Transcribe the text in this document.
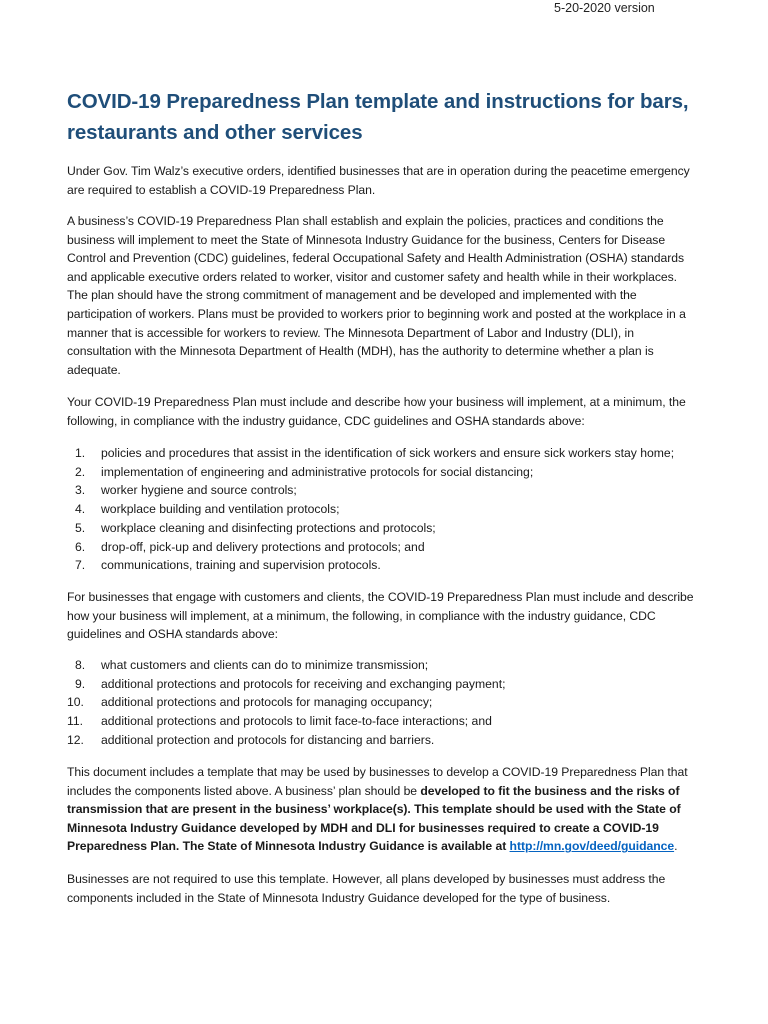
5-20-2020 version
COVID-19 Preparedness Plan template and instructions for bars, restaurants and other services

Under Gov. Tim Walz’s executive orders, identified businesses that are in operation during the peacetime emergency are required to establish a COVID-19 Preparedness Plan.

A business’s COVID-19 Preparedness Plan shall establish and explain the policies, practices and conditions the business will implement to meet the State of Minnesota Industry Guidance for the business, Centers for Disease Control and Prevention (CDC) guidelines, federal Occupational Safety and Health Administration (OSHA) standards and applicable executive orders related to worker, visitor and customer safety and health while in their workplaces. The plan should have the strong commitment of management and be developed and implemented with the participation of workers. Plans must be provided to workers prior to beginning work and posted at the workplace in a manner that is accessible for workers to review. The Minnesota Department of Labor and Industry (DLI), in consultation with the Minnesota Department of Health (MDH), has the authority to determine whether a plan is adequate.

Your COVID-19 Preparedness Plan must include and describe how your business will implement, at a minimum, the following, in compliance with the industry guidance, CDC guidelines and OSHA standards above:

1. policies and procedures that assist in the identification of sick workers and ensure sick workers stay home;
2. implementation of engineering and administrative protocols for social distancing;
3. worker hygiene and source controls;
4. workplace building and ventilation protocols;
5. workplace cleaning and disinfecting protections and protocols;
6. drop-off, pick-up and delivery protections and protocols; and
7. communications, training and supervision protocols.

For businesses that engage with customers and clients, the COVID-19 Preparedness Plan must include and describe how your business will implement, at a minimum, the following, in compliance with the industry guidance, CDC guidelines and OSHA standards above:

8. what customers and clients can do to minimize transmission;
9. additional protections and protocols for receiving and exchanging payment;
10. additional protections and protocols for managing occupancy;
11. additional protections and protocols to limit face-to-face interactions; and
12. additional protection and protocols for distancing and barriers.

This document includes a template that may be used by businesses to develop a COVID-19 Preparedness Plan that includes the components listed above. A business’ plan should be developed to fit the business and the risks of transmission that are present in the business’ workplace(s). This template should be used with the State of Minnesota Industry Guidance developed by MDH and DLI for businesses required to create a COVID-19 Preparedness Plan. The State of Minnesota Industry Guidance is available at http://mn.gov/deed/guidance.

Businesses are not required to use this template. However, all plans developed by businesses must address the components included in the State of Minnesota Industry Guidance developed for the type of business.
